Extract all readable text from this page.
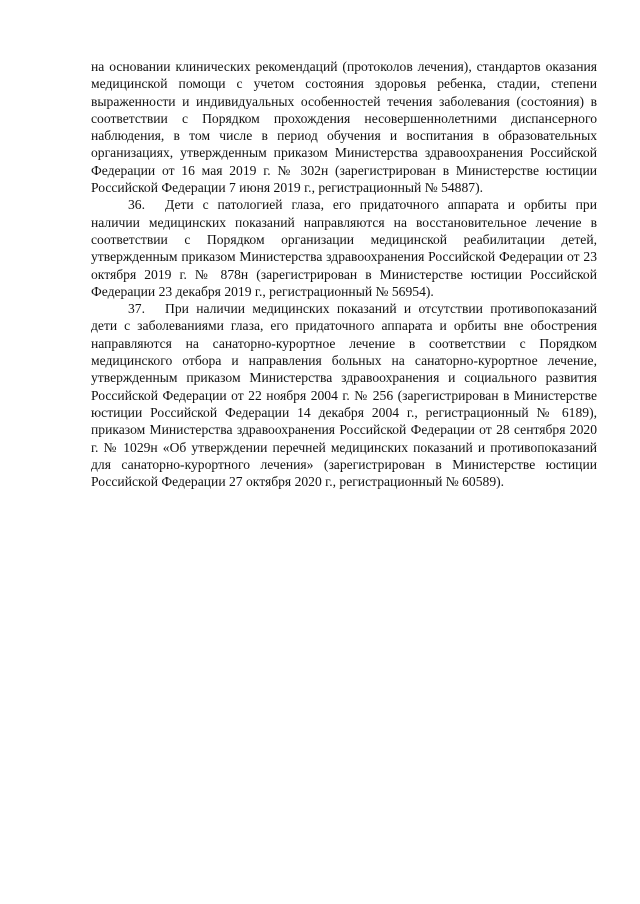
на основании клинических рекомендаций (протоколов лечения), стандартов оказания медицинской помощи с учетом состояния здоровья ребенка, стадии, степени выраженности и индивидуальных особенностей течения заболевания (состояния) в соответствии с Порядком прохождения несовершеннолетними диспансерного наблюдения, в том числе в период обучения и воспитания в образовательных организациях, утвержденным приказом Министерства здравоохранения Российской Федерации от 16 мая 2019 г. № 302н (зарегистрирован в Министерстве юстиции Российской Федерации 7 июня 2019 г., регистрационный № 54887).

36. Дети с патологией глаза, его придаточного аппарата и орбиты при наличии медицинских показаний направляются на восстановительное лечение в соответствии с Порядком организации медицинской реабилитации детей, утвержденным приказом Министерства здравоохранения Российской Федерации от 23 октября 2019 г. № 878н (зарегистрирован в Министерстве юстиции Российской Федерации 23 декабря 2019 г., регистрационный № 56954).

37. При наличии медицинских показаний и отсутствии противопоказаний дети с заболеваниями глаза, его придаточного аппарата и орбиты вне обострения направляются на санаторно-курортное лечение в соответствии с Порядком медицинского отбора и направления больных на санаторно-курортное лечение, утвержденным приказом Министерства здравоохранения и социального развития Российской Федерации от 22 ноября 2004 г. № 256 (зарегистрирован в Министерстве юстиции Российской Федерации 14 декабря 2004 г., регистрационный № 6189), приказом Министерства здравоохранения Российской Федерации от 28 сентября 2020 г. № 1029н «Об утверждении перечней медицинских показаний и противопоказаний для санаторно-курортного лечения» (зарегистрирован в Министерстве юстиции Российской Федерации 27 октября 2020 г., регистрационный № 60589).
